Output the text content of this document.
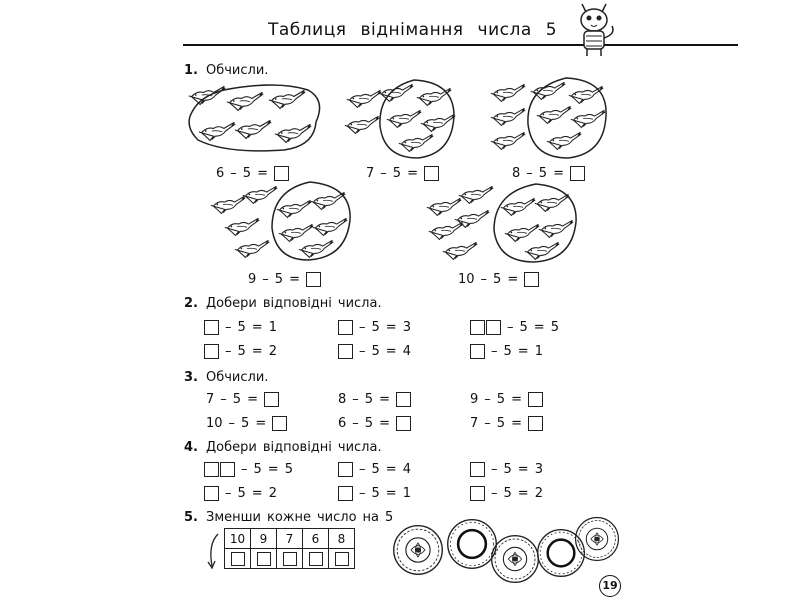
Таблиця віднімання числа 5
1. Обчисли.
6 – 5 =	7 – 5 =	8 – 5 =
9 – 5 =	10 – 5 =
2. Добери відповідні числа.
– 5 = 1	– 5 = 3	– 5 = 5
– 5 = 2	– 5 = 4	– 5 = 1
3. Обчисли.
7 – 5 =	8 – 5 =	9 – 5 =
10 – 5 =	6 – 5 =	7 – 5 =
4. Добери відповідні числа.
– 5 = 5	– 5 = 4	– 5 = 3
– 5 = 2	– 5 = 1	– 5 = 2
5. Зменши кожне число на 5
10	9	7	6	8

19
